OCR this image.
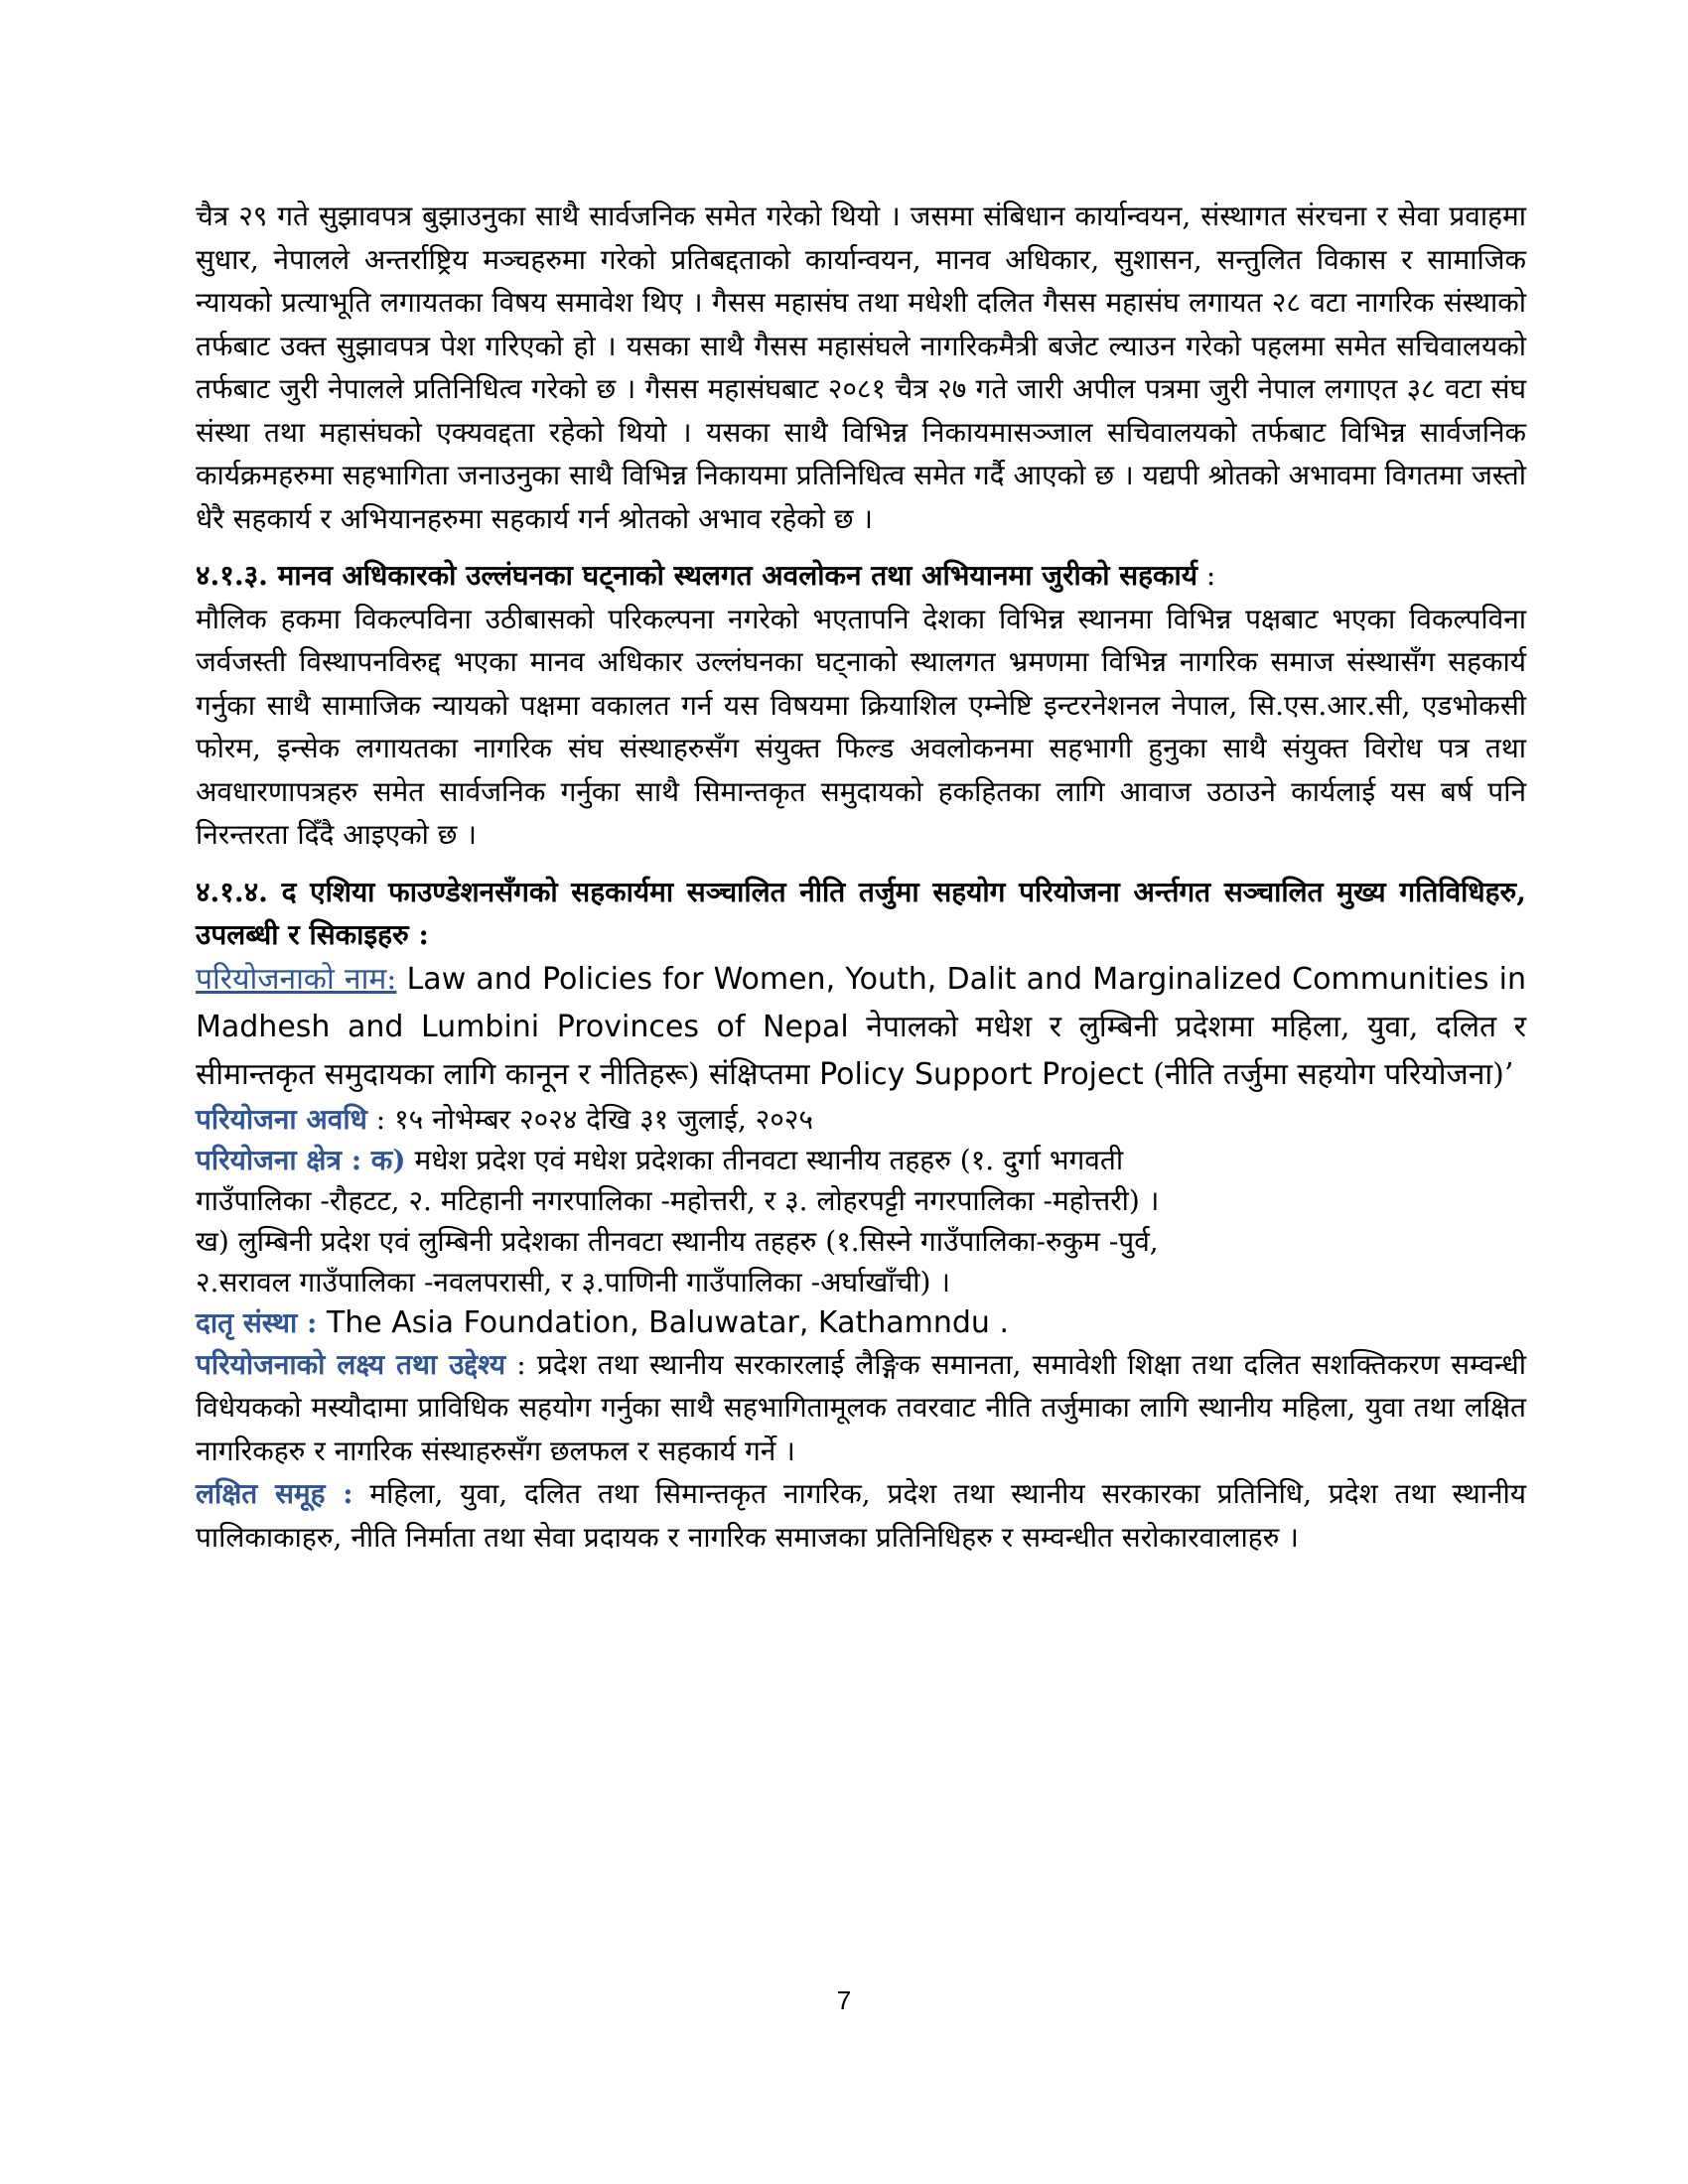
चैत्र २९ गते सुझावपत्र बुझाउनुका साथै सार्वजनिक समेत गरेको थियो । जसमा संबिधान कार्यान्वयन, संस्थागत संरचना र सेवा प्रवाहमा सुधार, नेपालले अन्तर्राष्ट्रिय मञ्चहरुमा गरेको प्रतिबद्दताको कार्यान्वयन, मानव अधिकार, सुशासन, सन्तुलित विकास र सामाजिक न्यायको प्रत्याभूति लगायतका विषय समावेश थिए । गैसस महासंघ तथा मधेशी दलित गैसस महासंघ लगायत २८ वटा नागरिक संस्थाको तर्फबाट उक्त सुझावपत्र पेश गरिएको हो । यसका साथै गैसस महासंघले नागरिकमैत्री बजेट ल्याउन गरेको पहलमा समेत सचिवालयको तर्फबाट जुरी नेपालले प्रतिनिधित्व गरेको छ । गैसस महासंघबाट २०८१ चैत्र २७ गते जारी अपील पत्रमा जुरी नेपाल लगाएत ३८ वटा संघ संस्था तथा महासंघको एक्यवद्दता रहेको थियो । यसका साथै विभिन्न निकायमासञ्जाल सचिवालयको तर्फबाट विभिन्न सार्वजनिक कार्यक्रमहरुमा सहभागिता जनाउनुका साथै विभिन्न निकायमा प्रतिनिधित्व समेत गर्दै आएको छ । यद्यपी श्रोतको अभावमा विगतमा जस्तो धेरै सहकार्य र अभियानहरुमा सहकार्य गर्न श्रोतको अभाव रहेको छ ।

४.१.३. मानव अधिकारको उल्लंघनका घट्नाको स्थलगत अवलोकन तथा अभियानमा जुरीको सहकार्य :

मौलिक हकमा विकल्पविना उठीबासको परिकल्पना नगरेको भएतापनि देशका विभिन्न स्थानमा विभिन्न पक्षबाट भएका विकल्पविना जर्वजस्ती विस्थापनविरुद्द भएका मानव अधिकार उल्लंघनका घट्नाको स्थालगत भ्रमणमा विभिन्न नागरिक समाज संस्थासँग सहकार्य गर्नुका साथै सामाजिक न्यायको पक्षमा वकालत गर्न यस विषयमा क्रियाशिल एम्नेष्टि इन्टरनेशनल नेपाल, सि.एस.आर.सी, एडभोकसी फोरम, इन्सेक लगायतका नागरिक संघ संस्थाहरुसँग संयुक्त फिल्ड अवलोकनमा सहभागी हुनुका साथै संयुक्त विरोध पत्र तथा अवधारणापत्रहरु समेत सार्वजनिक गर्नुका साथै सिमान्तकृत समुदायको हकहितका लागि आवाज उठाउने कार्यलाई यस बर्ष पनि निरन्तरता दिँदै आइएको छ ।

४.१.४. द एशिया फाउण्डेशनसँगको सहकार्यमा सञ्चालित नीति तर्जुमा सहयोग परियोजना अर्न्तगत सञ्चालित मुख्य गतिविधिहरु, उपलब्धी र सिकाइहरु :

परियोजनाको नाम: Law and Policies for Women, Youth, Dalit and Marginalized Communities in Madhesh and Lumbini Provinces of Nepal नेपालको मधेश र लुम्बिनी प्रदेशमा महिला, युवा, दलित र सीमान्तकृत समुदायका लागि कानून र नीतिहरू) संक्षिप्तमा Policy Support Project (नीति तर्जुमा सहयोग परियोजना)’

परियोजना अवधि : १५ नोभेम्बर २०२४ देखि ३१ जुलाई, २०२५

परियोजना क्षेत्र : क) मधेश प्रदेश एवं मधेश प्रदेशका तीनवटा स्थानीय तहहरु (१. दुर्गा भगवती

गाउँपालिका -रौहटट, २. मटिहानी नगरपालिका -महोत्तरी, र ३. लोहरपट्टी नगरपालिका -महोत्तरी) ।

ख) लुम्बिनी प्रदेश एवं लुम्बिनी प्रदेशका तीनवटा स्थानीय तहहरु (१.सिस्ने गाउँपालिका-रुकुम -पुर्व,

२.सरावल गाउँपालिका -नवलपरासी, र ३.पाणिनी गाउँपालिका -अर्घाखाँची) ।

दातृ संस्था : The Asia Foundation, Baluwatar, Kathamndu .

परियोजनाको लक्ष्य तथा उद्देश्य : प्रदेश तथा स्थानीय सरकारलाई लैङ्गिक समानता, समावेशी शिक्षा तथा दलित सशक्तिकरण सम्वन्धी विधेयकको मस्यौदामा प्राविधिक सहयोग गर्नुका साथै सहभागितामूलक तवरवाट नीति तर्जुमाका लागि स्थानीय महिला, युवा तथा लक्षित नागरिकहरु र नागरिक संस्थाहरुसँग छलफल र सहकार्य गर्ने ।

लक्षित समूह : महिला, युवा, दलित तथा सिमान्तकृत नागरिक, प्रदेश तथा स्थानीय सरकारका प्रतिनिधि, प्रदेश तथा स्थानीय पालिकाकाहरु, नीति निर्माता तथा सेवा प्रदायक र नागरिक समाजका प्रतिनिधिहरु र सम्वन्धीत सरोकारवालाहरु ।

7
